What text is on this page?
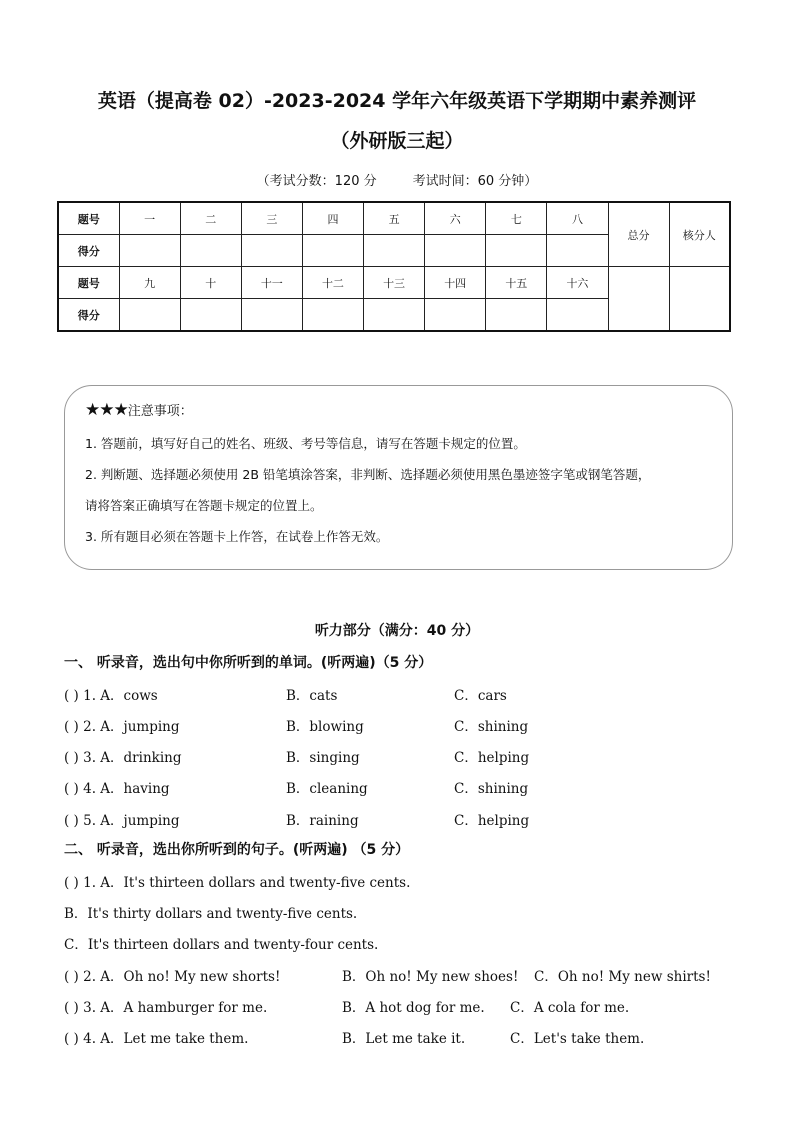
英语（提高卷 02）-2023-2024 学年六年级英语下学期期中素养测评
（外研版三起）
（考试分数：120 分	考试时间：60 分钟）
题号	一	二	三	四	五	六	七	八	总分	核分人
得分										
题号	九	十	十一	十二	十三	十四	十五	十六		
得分										
★★★注意事项：

1. 答题前，填写好自己的姓名、班级、考号等信息，请写在答题卡规定的位置。

2. 判断题、选择题必须使用 2B 铅笔填涂答案，非判断、选择题必须使用黑色墨迹签字笔或钢笔答题，

请将答案正确填写在答题卡规定的位置上。

3. 所有题目必须在答题卡上作答，在试卷上作答无效。

听力部分（满分：40 分）
一、 听录音，选出句中你所听到的单词。(听两遍)（5 分）
( ) 1. A．cows	B．cats	C．cars
( ) 2. A．jumping	B．blowing	C．shining
( ) 3. A．drinking	B．singing	C．helping
( ) 4. A．having	B．cleaning	C．shining
( ) 5. A．jumping	B．raining	C．helping
二、 听录音，选出你所听到的句子。(听两遍) （5 分）
( ) 1. A．It's thirteen dollars and twenty-five cents.
B．It's thirty dollars and twenty-five cents.
C．It's thirteen dollars and twenty-four cents.
( ) 2. A．Oh no! My new shorts!	B．Oh no! My new shoes! C．Oh no! My new shirts!
( ) 3. A．A hamburger for me.	B．A hot dog for me. C．A cola for me.
( ) 4. A．Let me take them.	B．Let me take it.	C．Let's take them.
